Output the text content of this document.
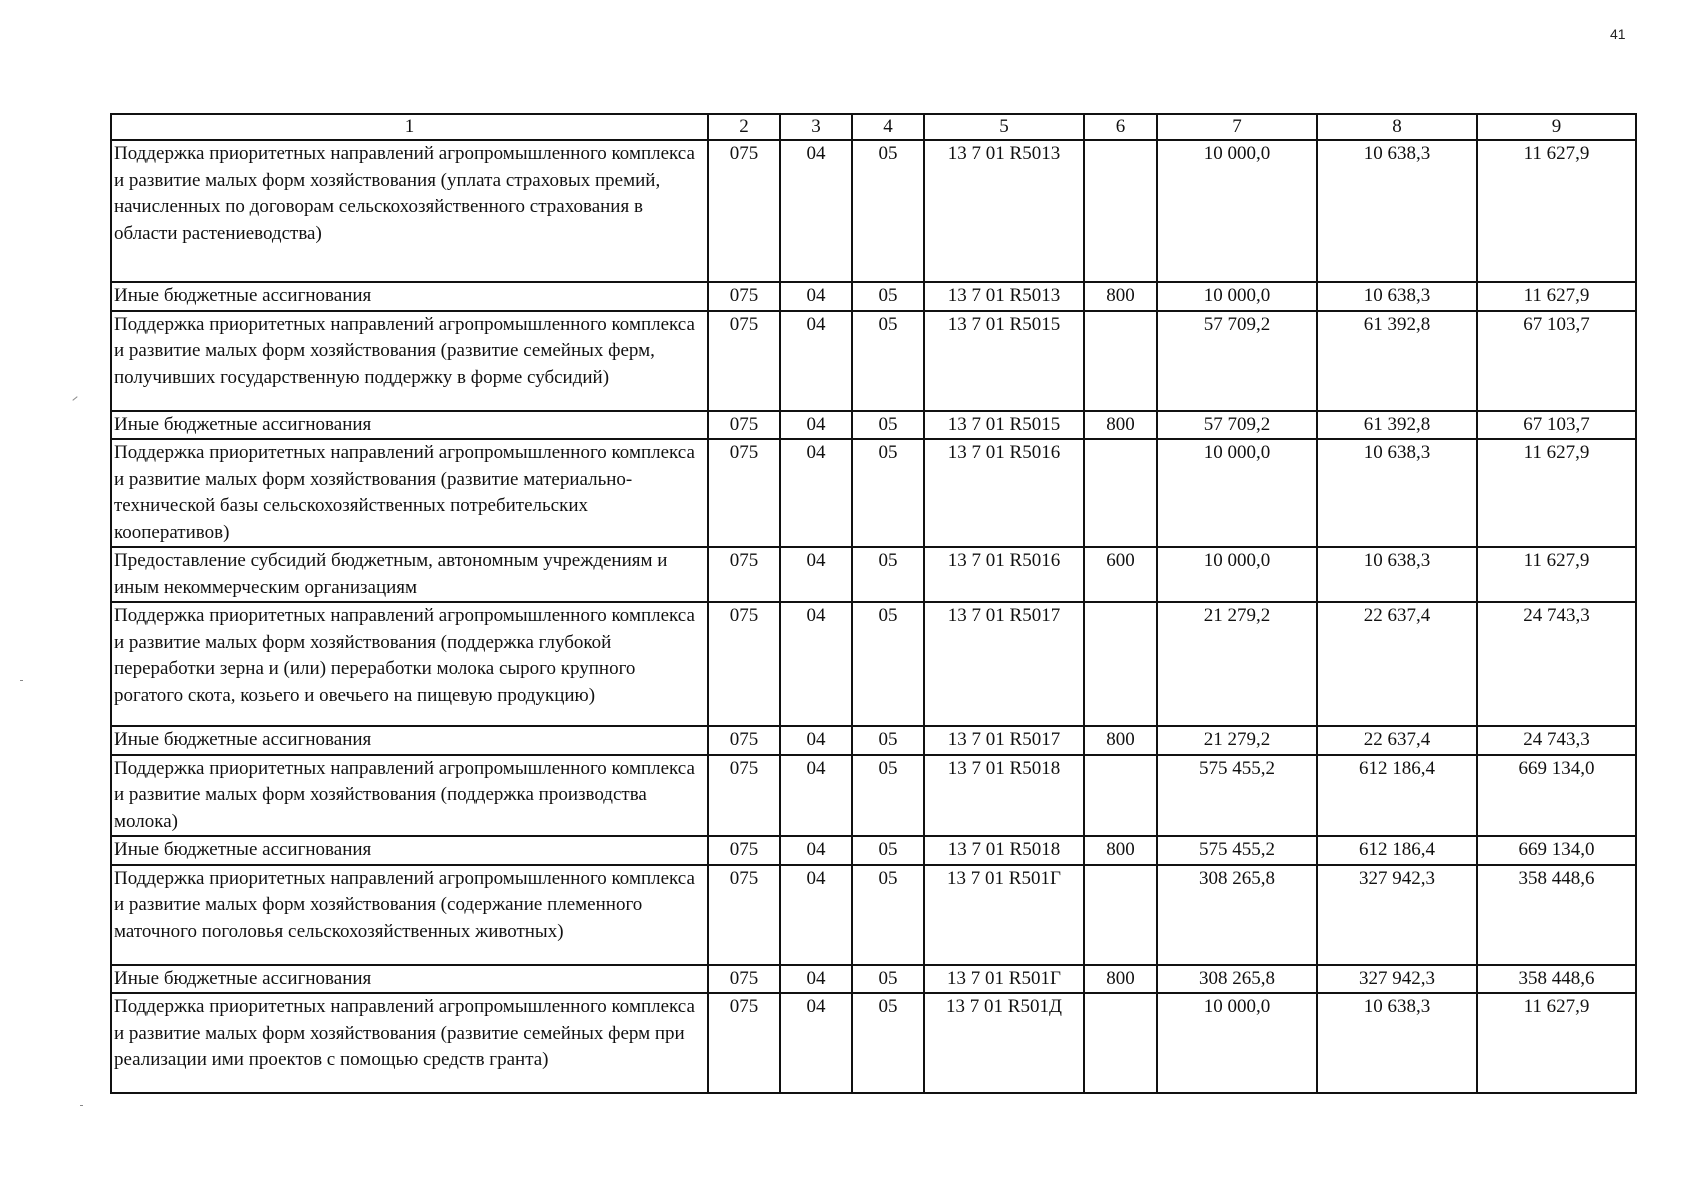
41
1	2	3	4	5	6	7	8	9
Поддержка приоритетных направлений агропромышленного комплекса и развитие малых форм хозяйствования (уплата страховых премий, начисленных по договорам сельскохозяйственного страхования в области растениеводства)	075	04	05	13 7 01 R5013		10 000,0	10 638,3	11 627,9
Иные бюджетные ассигнования	075	04	05	13 7 01 R5013	800	10 000,0	10 638,3	11 627,9
Поддержка приоритетных направлений агропромышленного комплекса и развитие малых форм хозяйствования (развитие семейных ферм, получивших государственную поддержку в форме субсидий)	075	04	05	13 7 01 R5015		57 709,2	61 392,8	67 103,7
Иные бюджетные ассигнования	075	04	05	13 7 01 R5015	800	57 709,2	61 392,8	67 103,7
Поддержка приоритетных направлений агропромышленного комплекса и развитие малых форм хозяйствования (развитие материально-технической базы сельскохозяйственных потребительских кооперативов)	075	04	05	13 7 01 R5016		10 000,0	10 638,3	11 627,9
Предоставление субсидий бюджетным, автономным учреждениям и иным некоммерческим организациям	075	04	05	13 7 01 R5016	600	10 000,0	10 638,3	11 627,9
Поддержка приоритетных направлений агропромышленного комплекса и развитие малых форм хозяйствования (поддержка глубокой переработки зерна и (или) переработки молока сырого крупного рогатого скота, козьего и овечьего на пищевую продукцию)	075	04	05	13 7 01 R5017		21 279,2	22 637,4	24 743,3
Иные бюджетные ассигнования	075	04	05	13 7 01 R5017	800	21 279,2	22 637,4	24 743,3
Поддержка приоритетных направлений агропромышленного комплекса и развитие малых форм хозяйствования (поддержка производства молока)	075	04	05	13 7 01 R5018		575 455,2	612 186,4	669 134,0
Иные бюджетные ассигнования	075	04	05	13 7 01 R5018	800	575 455,2	612 186,4	669 134,0
Поддержка приоритетных направлений агропромышленного комплекса и развитие малых форм хозяйствования (содержание племенного маточного поголовья сельскохозяйственных животных)	075	04	05	13 7 01 R501Г		308 265,8	327 942,3	358 448,6
Иные бюджетные ассигнования	075	04	05	13 7 01 R501Г	800	308 265,8	327 942,3	358 448,6
Поддержка приоритетных направлений агропромышленного комплекса и развитие малых форм хозяйствования (развитие семейных ферм при реализации ими проектов с помощью средств гранта)	075	04	05	13 7 01 R501Д		10 000,0	10 638,3	11 627,9
